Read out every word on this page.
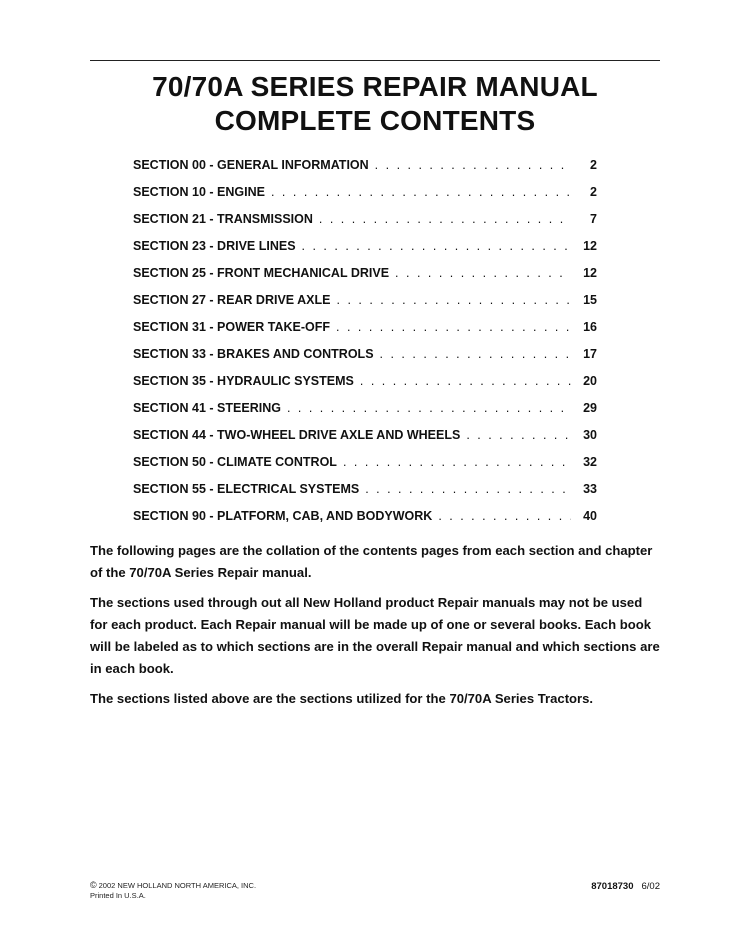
70/70A SERIES REPAIR MANUAL
COMPLETE CONTENTS
SECTION 00 - GENERAL INFORMATION . . .	2
SECTION 10 - ENGINE . . .	2
SECTION 21 - TRANSMISSION . . .	7
SECTION 23 - DRIVE LINES . . .	12
SECTION 25 - FRONT MECHANICAL DRIVE . . .	12
SECTION 27 - REAR DRIVE AXLE . . .	15
SECTION 31 - POWER TAKE-OFF . . .	16
SECTION 33 - BRAKES AND CONTROLS . . .	17
SECTION 35 - HYDRAULIC SYSTEMS . . .	20
SECTION 41 - STEERING . . .	29
SECTION 44 - TWO-WHEEL DRIVE AXLE AND WHEELS . . .	30
SECTION 50 - CLIMATE CONTROL . . .	32
SECTION 55 - ELECTRICAL SYSTEMS . . .	33
SECTION 90 - PLATFORM, CAB, AND BODYWORK . . .	40

The following pages are the collation of the contents pages from each section and chapter of the 70/70A Series Repair manual.

The sections used through out all New Holland product Repair manuals may not be used for each product. Each Repair manual will be made up of one or several books. Each book will be labeled as to which sections are in the overall Repair manual and which sections are in each book.

The sections listed above are the sections utilized for the 70/70A Series Tractors.

© 2002 NEW HOLLAND NORTH AMERICA, INC.
Printed In U.S.A.
87018730 6/02
